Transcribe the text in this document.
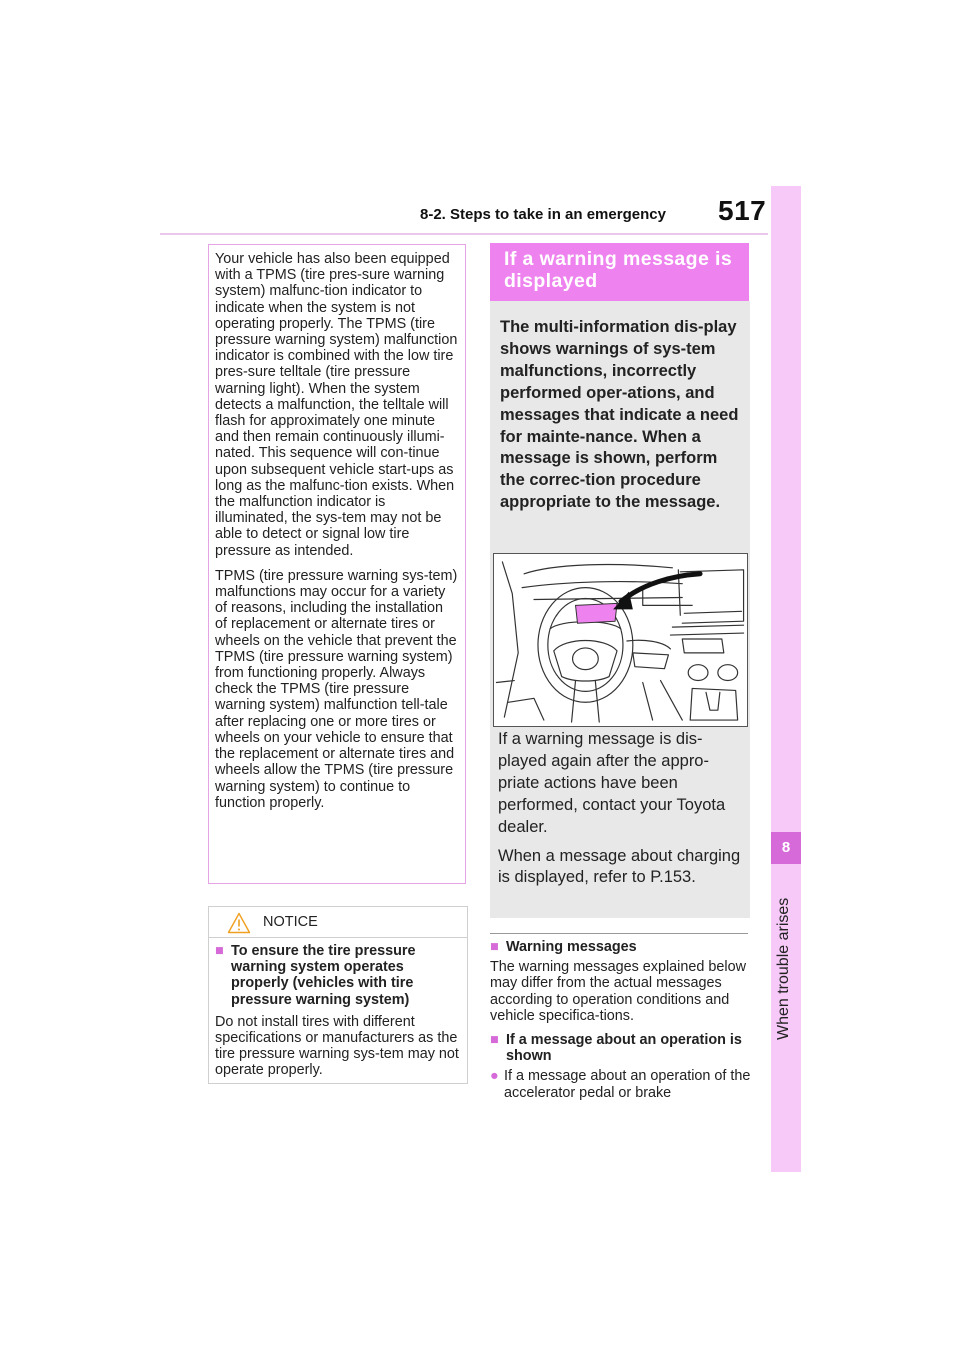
8-2. Steps to take in an emergency 517
8
When trouble arises

Your vehicle has also been equipped with a TPMS (tire pres-sure warning system) malfunc-tion indicator to indicate when the system is not operating properly. The TPMS (tire pressure warning system) malfunction indicator is combined with the low tire pres-sure telltale (tire pressure warning light). When the system detects a malfunction, the telltale will flash for approximately one minute and then remain continuously illumi-nated. This sequence will con-tinue upon subsequent vehicle start-ups as long as the malfunc-tion exists. When the malfunction indicator is illuminated, the sys-tem may not be able to detect or signal low tire pressure as intended.

TPMS (tire pressure warning sys-tem) malfunctions may occur for a variety of reasons, including the installation of replacement or alternate tires or wheels on the vehicle that prevent the TPMS (tire pressure warning system) from functioning properly. Always check the TPMS (tire pressure warning system) malfunction tell-tale after replacing one or more tires or wheels on your vehicle to ensure that the replacement or alternate tires and wheels allow the TPMS (tire pressure warning system) to continue to function properly.

NOTICE
■ To ensure the tire pressure warning system operates properly (vehicles with tire pressure warning system)
Do not install tires with different specifications or manufacturers as the tire pressure warning sys-tem may not operate properly.
If a warning message is displayed
The multi-information dis-play shows warnings of sys-tem malfunctions, incorrectly performed oper-ations, and messages that indicate a need for mainte-nance. When a message is shown, perform the correc-tion procedure appropriate to the message.

If a warning message is dis-played again after the appro-priate actions have been performed, contact your Toyota dealer.

When a message about charging is displayed, refer to P.153.

■ Warning messages
The warning messages explained below may differ from the actual messages according to operation conditions and vehicle specifica-tions.
■ If a message about an operation is shown
● If a message about an operation of the accelerator pedal or brake
